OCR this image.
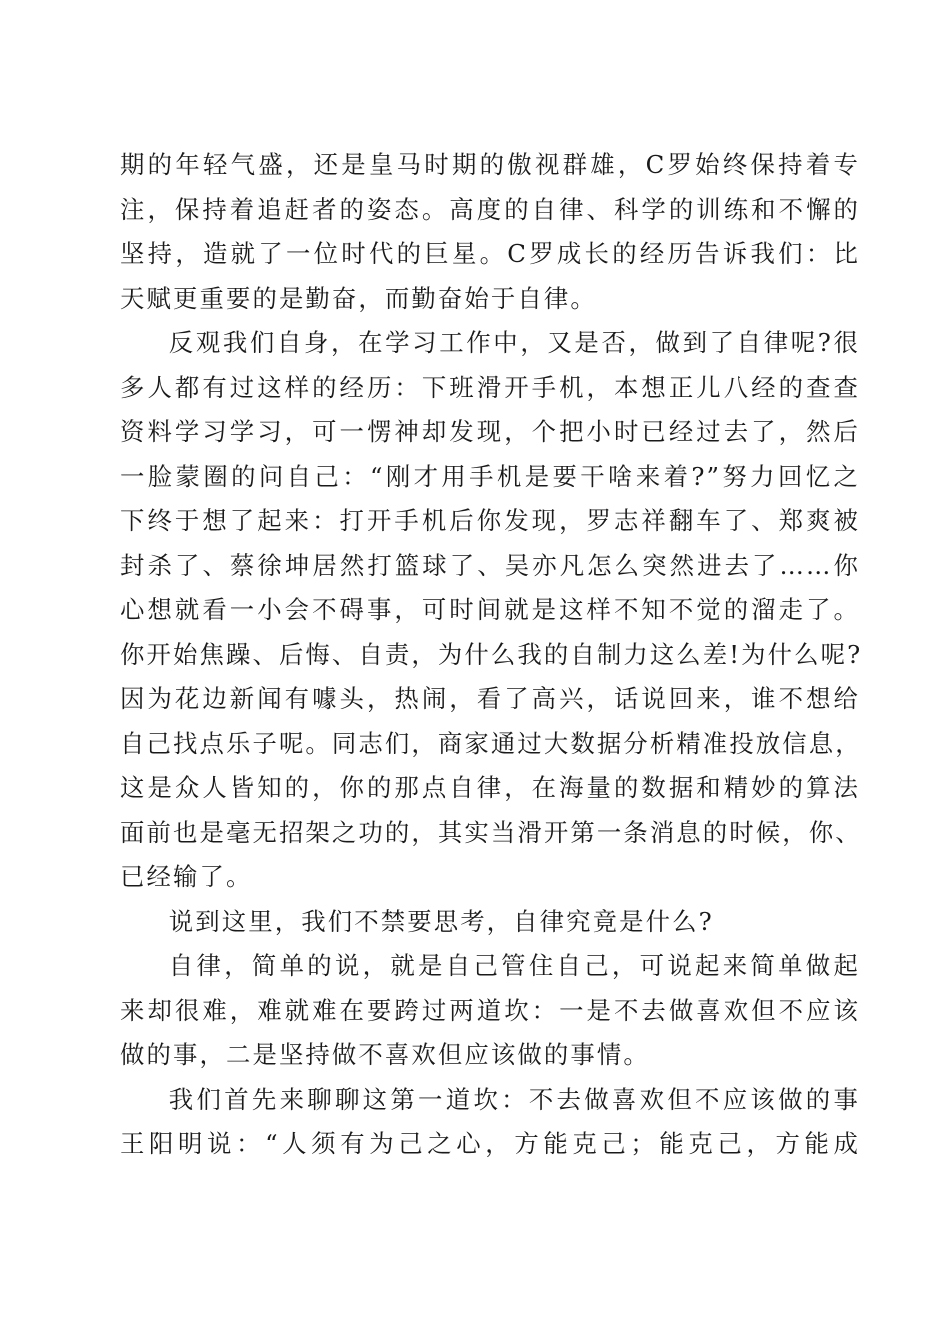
期的年轻气盛，还是皇马时期的傲视群雄，C罗始终保持着专
注，保持着追赶者的姿态。高度的自律、科学的训练和不懈的
坚持，造就了一位时代的巨星。C罗成长的经历告诉我们：比
天赋更重要的是勤奋，而勤奋始于自律。
反观我们自身，在学习工作中，又是否，做到了自律呢?很
多人都有过这样的经历：下班滑开手机，本想正儿八经的查查
资料学习学习，可一愣神却发现，个把小时已经过去了，然后
一脸蒙圈的问自己：“刚才用手机是要干啥来着?”努力回忆之
下终于想了起来：打开手机后你发现，罗志祥翻车了、郑爽被
封杀了、蔡徐坤居然打篮球了、吴亦凡怎么突然进去了……你
心想就看一小会不碍事，可时间就是这样不知不觉的溜走了。
你开始焦躁、后悔、自责，为什么我的自制力这么差!为什么呢?
因为花边新闻有噱头，热闹，看了高兴，话说回来，谁不想给
自己找点乐子呢。同志们，商家通过大数据分析精准投放信息，
这是众人皆知的，你的那点自律，在海量的数据和精妙的算法
面前也是毫无招架之功的，其实当滑开第一条消息的时候，你、
已经输了。
说到这里，我们不禁要思考，自律究竟是什么?
自律，简单的说，就是自己管住自己，可说起来简单做起
来却很难，难就难在要跨过两道坎：一是不去做喜欢但不应该
做的事，二是坚持做不喜欢但应该做的事情。
我们首先来聊聊这第一道坎：不去做喜欢但不应该做的事
王阳明说：“人须有为己之心，方能克己；能克己，方能成
